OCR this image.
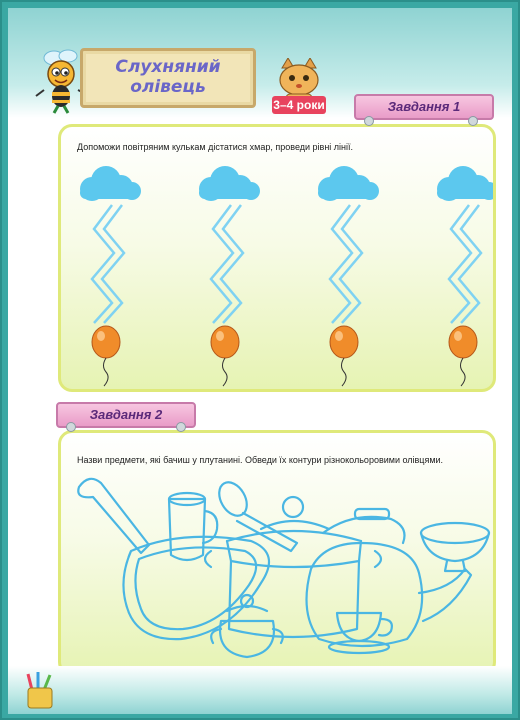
Слухняний
олівець
3–4 роки	Завдання 1
Допоможи повітряним кулькам дістатися хмар, проведи рівні лінії.
Завдання 2
Назви предмети, які бачиш у плутанині. Обведи їх контури різнокольоровими олівцями.
